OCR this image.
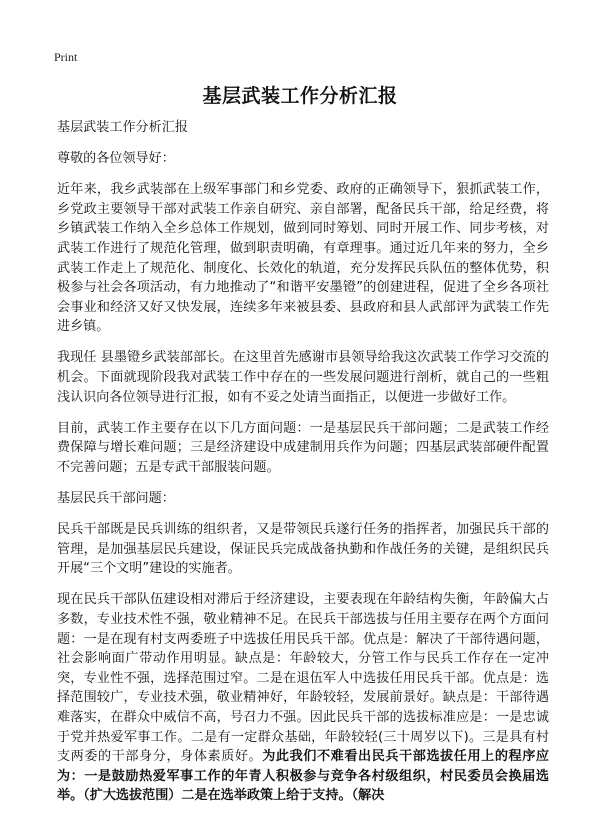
Print
基层武装工作分析汇报

基层武装工作分析汇报

尊敬的各位领导好：

近年来，我乡武装部在上级军事部门和乡党委、政府的正确领导下，狠抓武装工作，乡党政主要领导干部对武装工作亲自研究、亲自部署，配备民兵干部，给足经费，将乡镇武装工作纳入全乡总体工作规划，做到同时筹划、同时开展工作、同步考核，对武装工作进行了规范化管理，做到职责明确，有章理事。通过近几年来的努力，全乡武装工作走上了规范化、制度化、长效化的轨道，充分发挥民兵队伍的整体优势，积极参与社会各项活动，有力地推动了“和谐平安墨镫”的创建进程，促进了全乡各项社会事业和经济又好又快发展，连续多年来被县委、县政府和县人武部评为武装工作先进乡镇。

我现任 县墨镫乡武装部部长。在这里首先感谢市县领导给我这次武装工作学习交流的机会。下面就现阶段我对武装工作中存在的一些发展问题进行剖析，就自己的一些粗浅认识向各位领导进行汇报，如有不妥之处请当面指正，以便进一步做好工作。

目前，武装工作主要存在以下几方面问题：一是基层民兵干部问题；二是武装工作经费保障与增长难问题；三是经济建设中成建制用兵作为问题；四基层武装部硬件配置不完善问题；五是专武干部服装问题。

基层民兵干部问题：

民兵干部既是民兵训练的组织者，又是带领民兵遂行任务的指挥者，加强民兵干部的管理，是加强基层民兵建设，保证民兵完成战备执勤和作战任务的关键，是组织民兵开展“三个文明”建设的实施者。

现在民兵干部队伍建设相对滞后于经济建设，主要表现在年龄结构失衡，年龄偏大占多数，专业技术性不强，敬业精神不足。在民兵干部选拔与任用主要存在两个方面问题：一是在现有村支两委班子中选拔任用民兵干部。优点是：解决了干部待遇问题，社会影响面广带动作用明显。缺点是：年龄较大，分管工作与民兵工作存在一定冲突，专业性不强，选择范围过窄。二是在退伍军人中选拔任用民兵干部。优点是：选择范围较广，专业技术强，敬业精神好，年龄较轻，发展前景好。缺点是：干部待遇难落实，在群众中威信不高，号召力不强。因此民兵干部的选拔标准应是：一是忠诚于党并热爱军事工作。二是有一定群众基础，年龄较轻(三十周岁以下)。三是具有村支两委的干部身分，身体素质好。为此我们不难看出民兵干部选拔任用上的程序应为：一是鼓励热爱军事工作的年青人积极参与竞争各村级组织，村民委员会换届选举。（扩大选拔范围）二是在选举政策上给于支持。（解决
